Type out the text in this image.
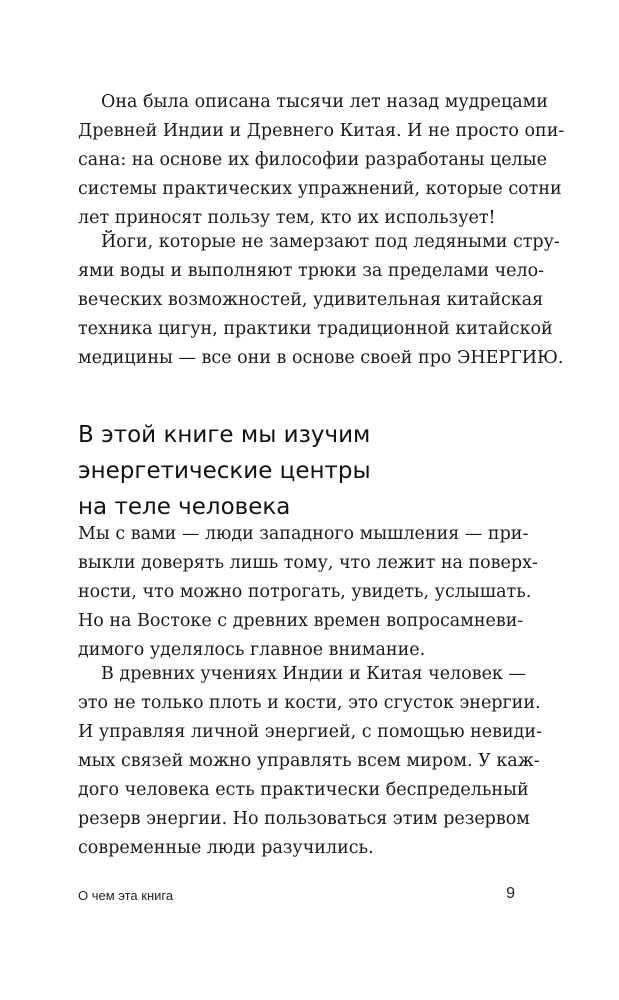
Она была описана тысячи лет назад мудрецами

Древней Индии и Древнего Китая. И не просто опи-

сана: на основе их философии разработаны целые

системы практических упражнений, которые сотни

лет приносят пользу тем, кто их использует!

Йоги, которые не замерзают под ледяными стру-

ями воды и выполняют трюки за пределами чело-

веческих возможностей, удивительная китайская

техника цигун, практики традиционной китайской

медицины — все они в основе своей про ЭНЕРГИЮ.

В этой книге мы изучим
энергетические центры
на теле человека

Мы с вами — люди западного мышления — при-

выкли доверять лишь тому, что лежит на поверх-

ности, что можно потрогать, увидеть, услышать.

Но на Востоке с древних времен вопросамневи-

димого уделялось главное внимание.

В древних учениях Индии и Китая человек —

это не только плоть и кости, это сгусток энергии.

И управляя личной энергией, с помощью невиди-

мых связей можно управлять всем миром. У каж-

дого человека есть практически беспредельный

резерв энергии. Но пользоваться этим резервом

современные люди разучились.

О чем эта книга	9
